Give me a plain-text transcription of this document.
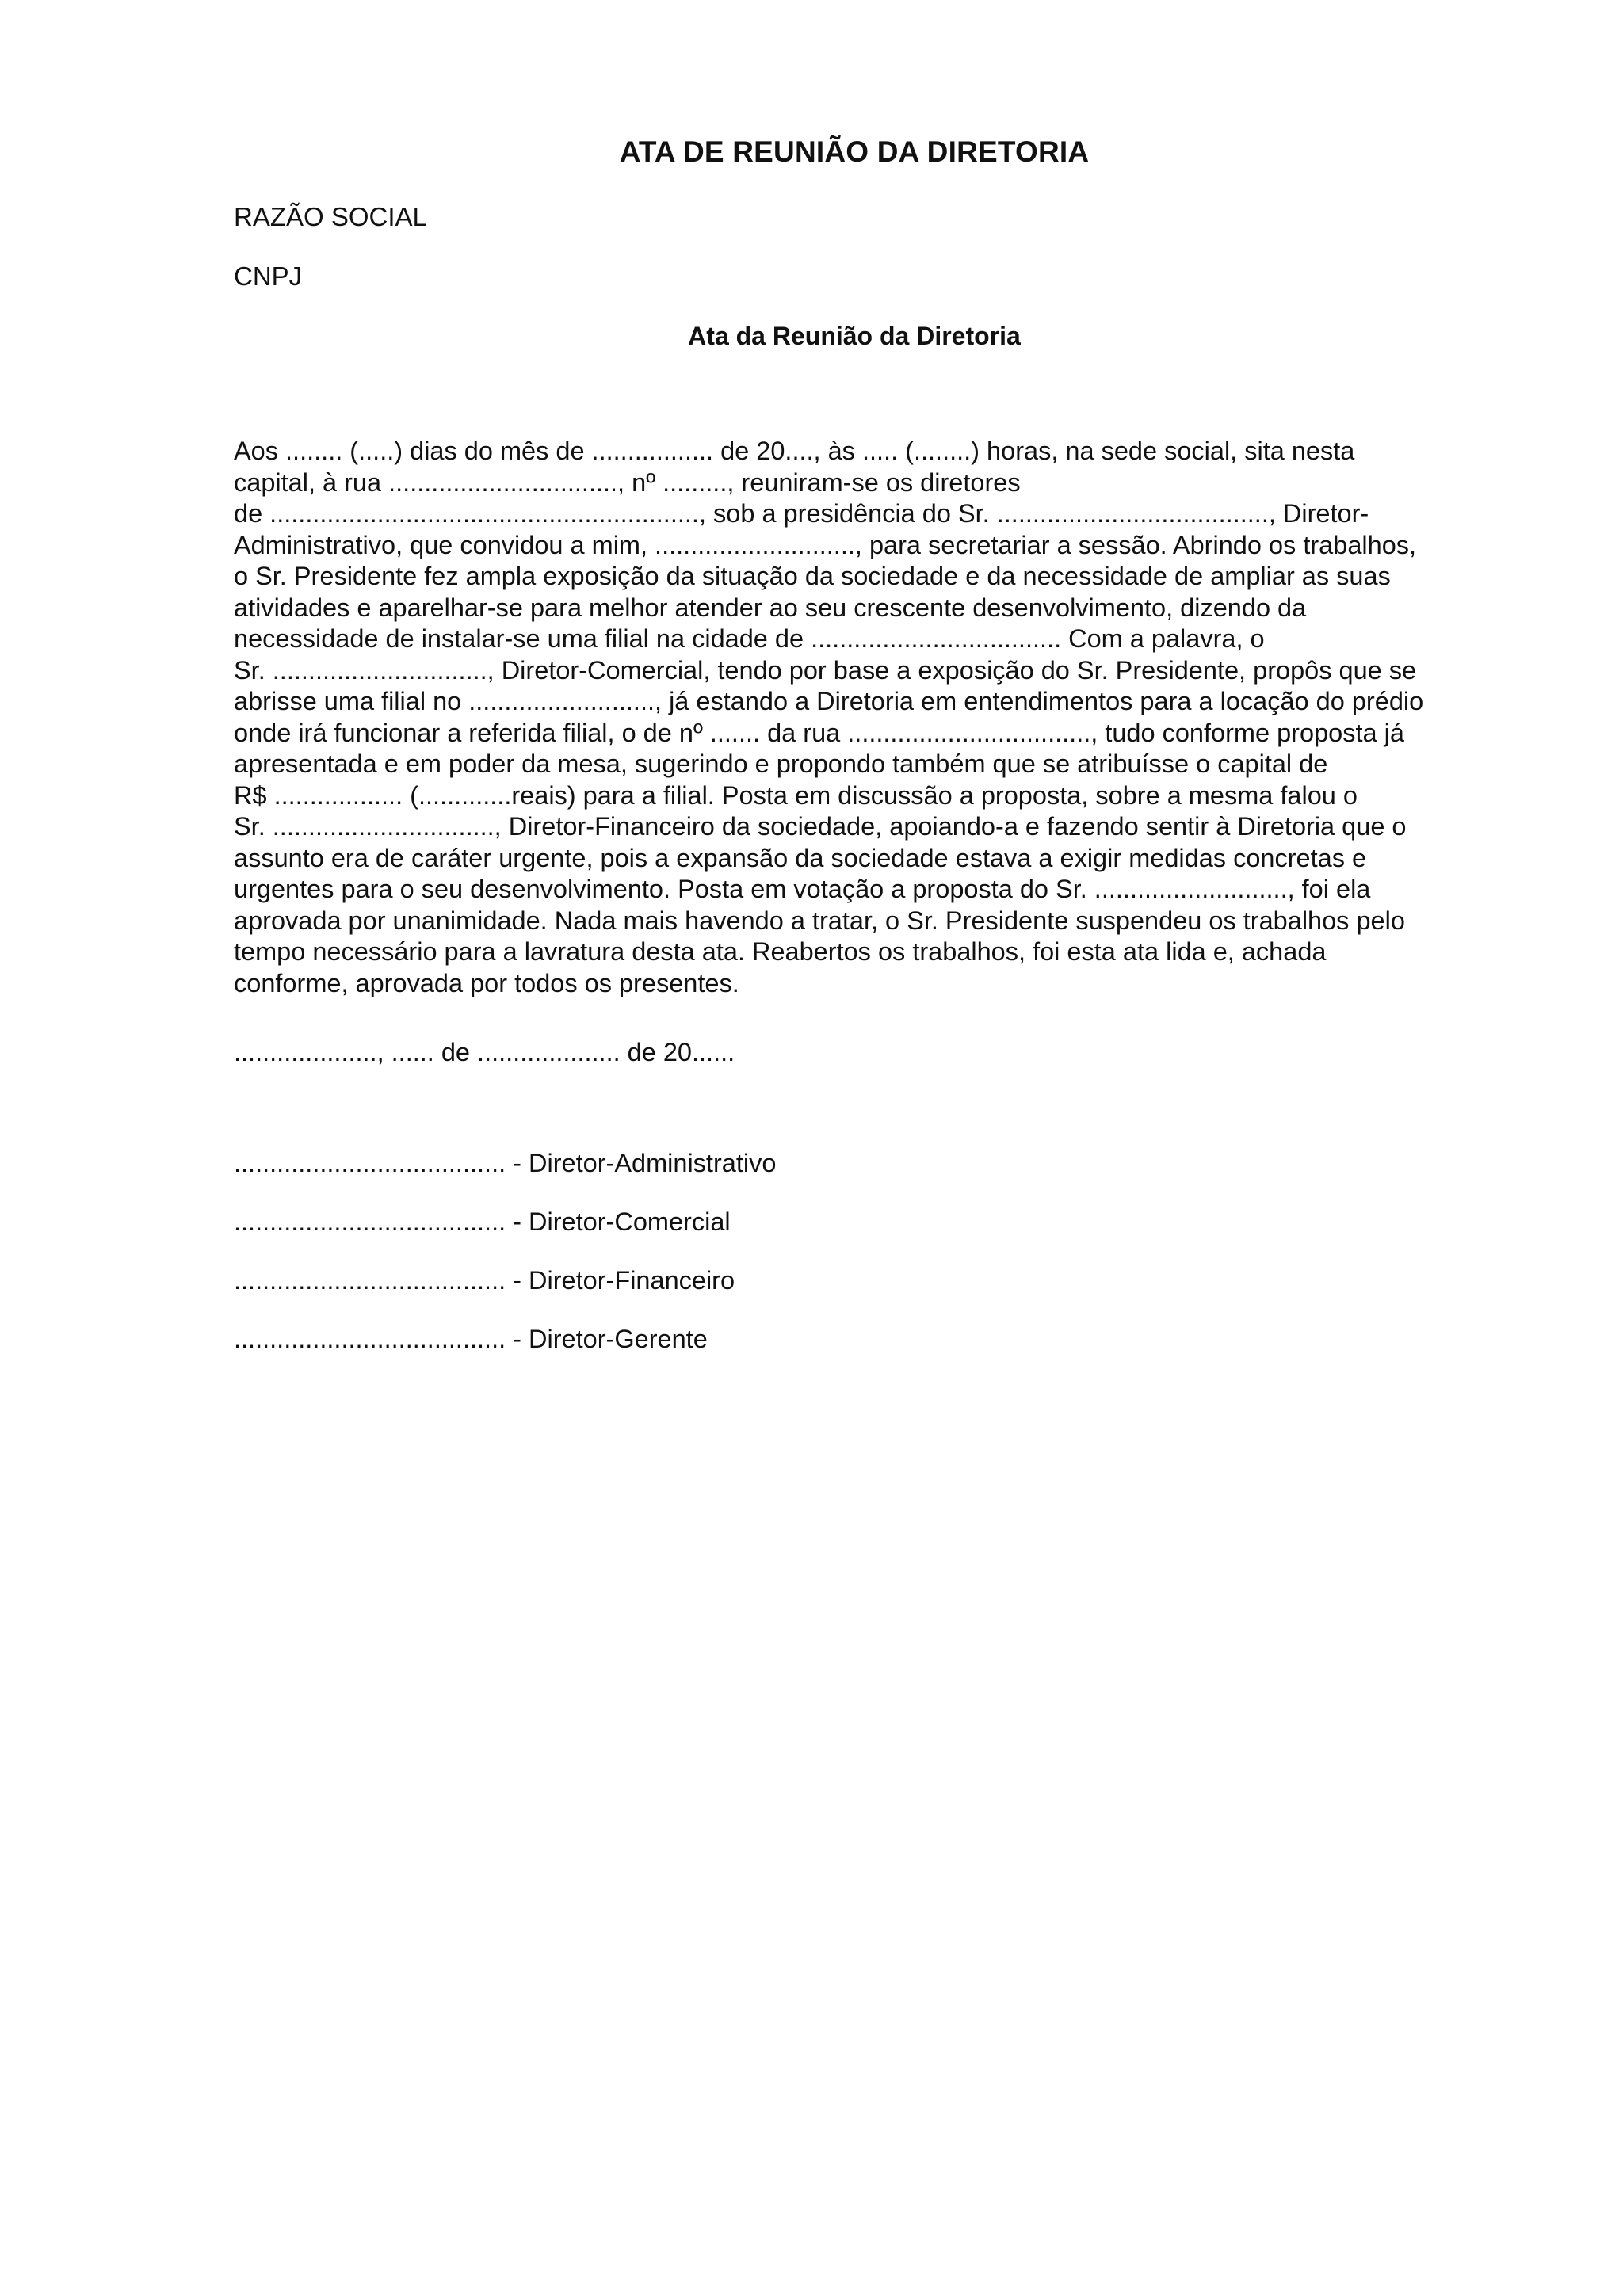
ATA DE REUNIÃO DA DIRETORIA
RAZÃO SOCIAL
CNPJ
Ata da Reunião da Diretoria
Aos ........ (.....) dias do mês de ................. de 20...., às ..... (........) horas, na sede social, sita nesta
capital, à rua ................................, nº ........., reuniram-se os diretores
de ............................................................, sob a presidência do Sr. ......................................, Diretor-
Administrativo, que convidou a mim, ............................, para secretariar a sessão. Abrindo os trabalhos,
o Sr. Presidente fez ampla exposição da situação da sociedade e da necessidade de ampliar as suas
atividades e aparelhar-se para melhor atender ao seu crescente desenvolvimento, dizendo da
necessidade de instalar-se uma filial na cidade de ................................... Com a palavra, o
Sr. .............................., Diretor-Comercial, tendo por base a exposição do Sr. Presidente, propôs que se
abrisse uma filial no .........................., já estando a Diretoria em entendimentos para a locação do prédio
onde irá funcionar a referida filial, o de nº ....... da rua .................................., tudo conforme proposta já
apresentada e em poder da mesa, sugerindo e propondo também que se atribuísse o capital de
R$ .................. (.............reais) para a filial. Posta em discussão a proposta, sobre a mesma falou o
Sr. ..............................., Diretor-Financeiro da sociedade, apoiando-a e fazendo sentir à Diretoria que o
assunto era de caráter urgente, pois a expansão da sociedade estava a exigir medidas concretas e
urgentes para o seu desenvolvimento. Posta em votação a proposta do Sr. ..........................., foi ela
aprovada por unanimidade. Nada mais havendo a tratar, o Sr. Presidente suspendeu os trabalhos pelo
tempo necessário para a lavratura desta ata. Reabertos os trabalhos, foi esta ata lida e, achada
conforme, aprovada por todos os presentes.
...................., ...... de .................... de 20......
...................................... - Diretor-Administrativo
...................................... - Diretor-Comercial
...................................... - Diretor-Financeiro
...................................... - Diretor-Gerente
